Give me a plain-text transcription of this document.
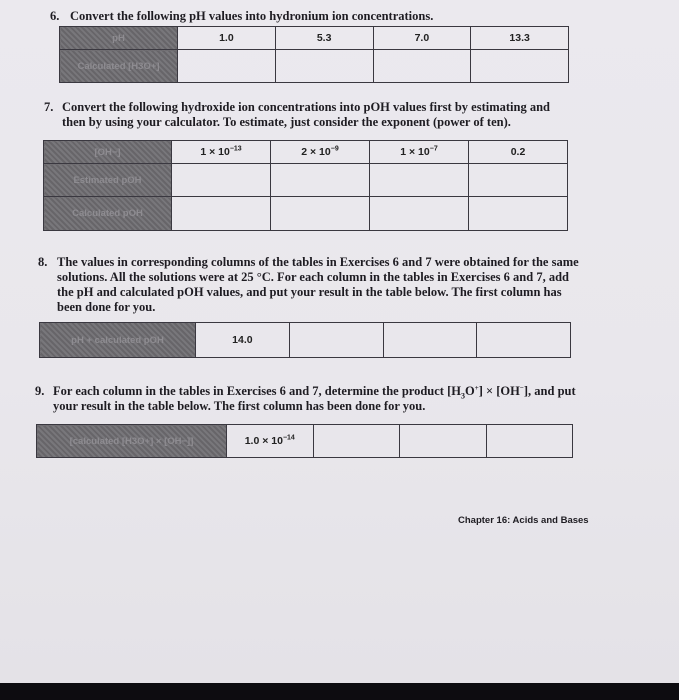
6. Convert the following pH values into hydronium ion concentrations.
pH	1.0	5.3	7.0	13.3
Calculated [H3O+]				
7. Convert the following hydroxide ion concentrations into pOH values first by estimating and then by using your calculator. To estimate, just consider the exponent (power of ten).
[OH−]	$1 \times 10^{-13}$	$2 \times 10^{-9}$	$1 \times 10^{-7}$	0.2
Estimated pOH				
Calculated pOH				
8. The values in corresponding columns of the tables in Exercises 6 and 7 were obtained for the same solutions. All the solutions were at 25 °C. For each column in the tables in Exercises 6 and 7, add the pH and calculated pOH values, and put your result in the table below. The first column has been done for you.
pH + calculated pOH	14.0			
9. For each column in the tables in Exercises 6 and 7, determine the product $[H_3O^+] \times [OH^-]$, and put your result in the table below. The first column has been done for you.
[calculated [H3O+] × [OH−]]	$1.0 \times 10^{-14}$			
Chapter 16: Acids and Bases
